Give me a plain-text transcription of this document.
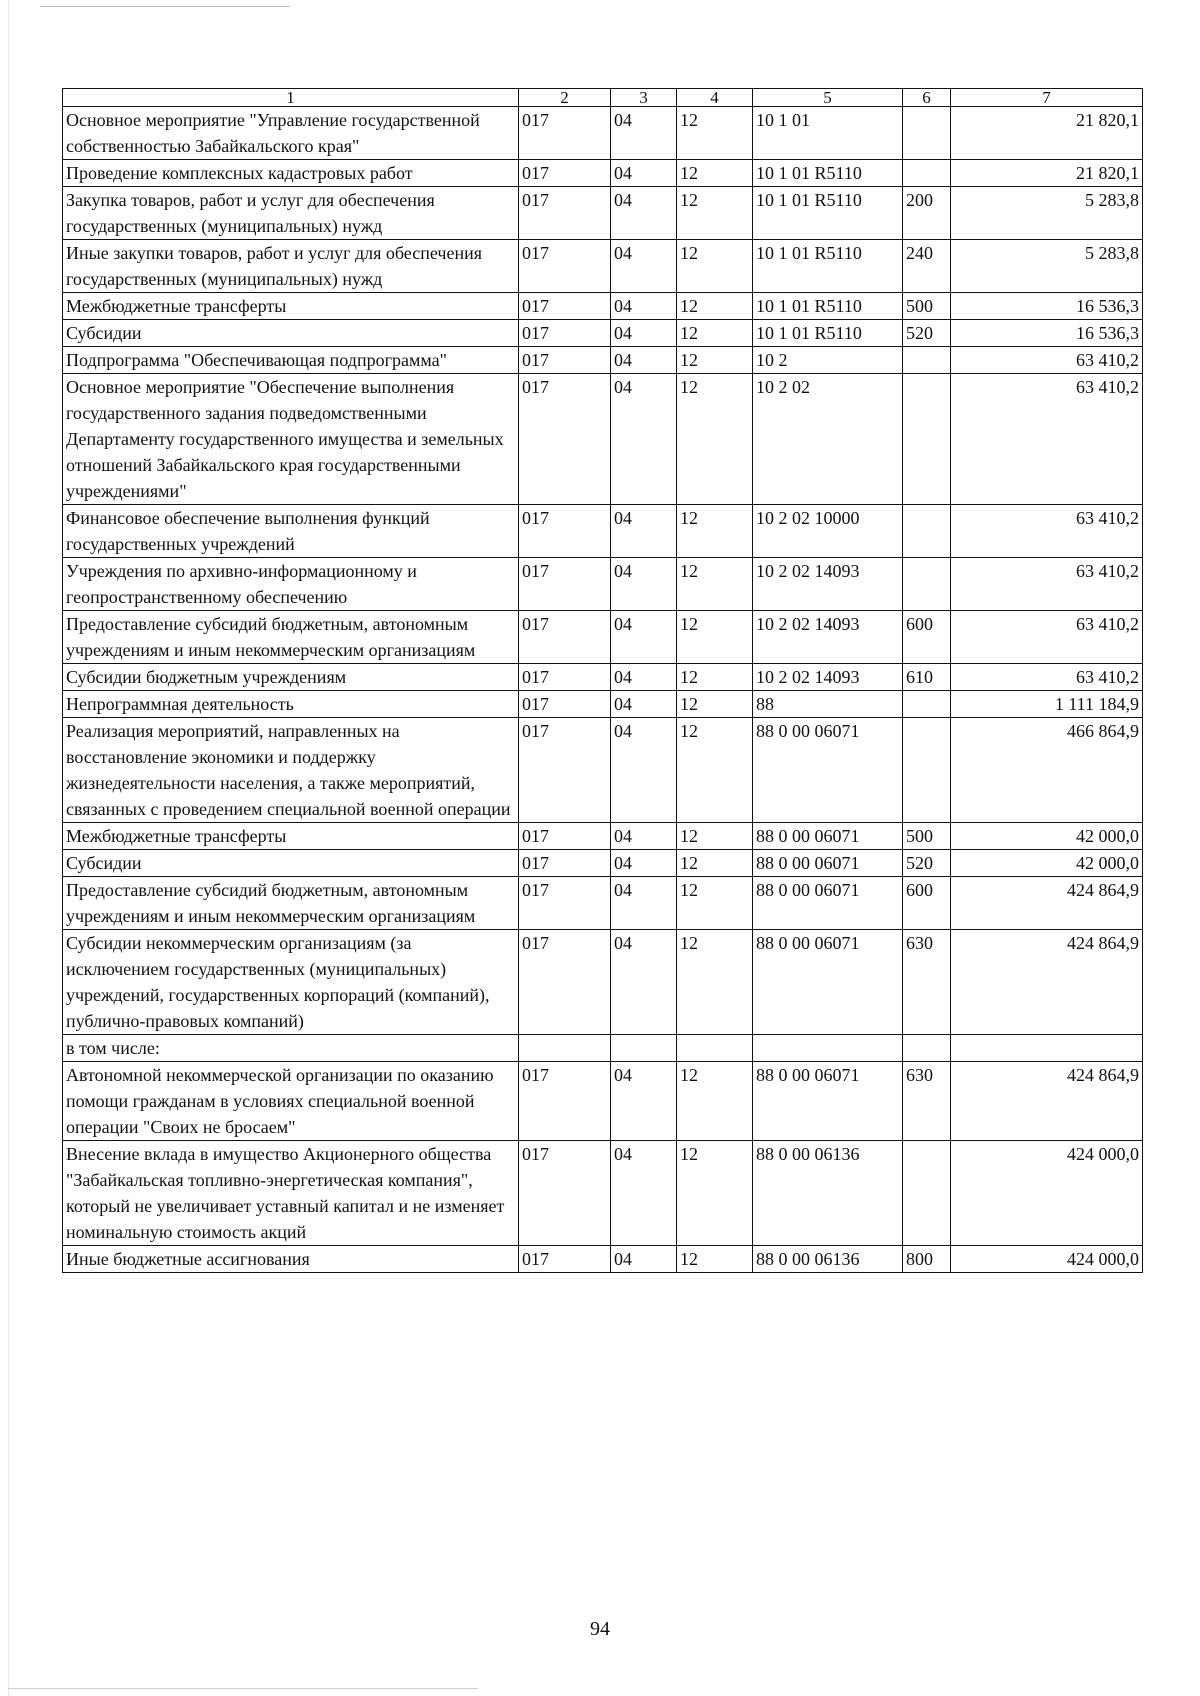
1	2	3	4	5	6	7
Основное мероприятие "Управление государственной собственностью Забайкальского края"	017	04	12	10 1 01		21 820,1
Проведение комплексных кадастровых работ	017	04	12	10 1 01 R5110		21 820,1
Закупка товаров, работ и услуг для обеспечения государственных (муниципальных) нужд	017	04	12	10 1 01 R5110	200	5 283,8
Иные закупки товаров, работ и услуг для обеспечения государственных (муниципальных) нужд	017	04	12	10 1 01 R5110	240	5 283,8
Межбюджетные трансферты	017	04	12	10 1 01 R5110	500	16 536,3
Субсидии	017	04	12	10 1 01 R5110	520	16 536,3
Подпрограмма "Обеспечивающая подпрограмма"	017	04	12	10 2		63 410,2
Основное мероприятие "Обеспечение выполнения государственного задания подведомственными Департаменту государственного имущества и земельных отношений Забайкальского края государственными учреждениями"	017	04	12	10 2 02		63 410,2
Финансовое обеспечение выполнения функций государственных учреждений	017	04	12	10 2 02 10000		63 410,2
Учреждения по архивно-информационному и геопространственному обеспечению	017	04	12	10 2 02 14093		63 410,2
Предоставление субсидий бюджетным, автономным учреждениям и иным некоммерческим организациям	017	04	12	10 2 02 14093	600	63 410,2
Субсидии бюджетным учреждениям	017	04	12	10 2 02 14093	610	63 410,2
Непрограммная деятельность	017	04	12	88		1 111 184,9
Реализация мероприятий, направленных на восстановление экономики и поддержку жизнедеятельности населения, а также мероприятий, связанных с проведением специальной военной операции	017	04	12	88 0 00 06071		466 864,9
Межбюджетные трансферты	017	04	12	88 0 00 06071	500	42 000,0
Субсидии	017	04	12	88 0 00 06071	520	42 000,0
Предоставление субсидий бюджетным, автономным учреждениям и иным некоммерческим организациям	017	04	12	88 0 00 06071	600	424 864,9
Субсидии некоммерческим организациям (за исключением государственных (муниципальных) учреждений, государственных корпораций (компаний), публично-правовых компаний)	017	04	12	88 0 00 06071	630	424 864,9
в том числе:						
Автономной некоммерческой организации по оказанию помощи гражданам в условиях специальной военной операции "Своих не бросаем"	017	04	12	88 0 00 06071	630	424 864,9
Внесение вклада в имущество Акционерного общества "Забайкальская топливно-энергетическая компания", который не увеличивает уставный капитал и не изменяет номинальную стоимость акций	017	04	12	88 0 00 06136		424 000,0
Иные бюджетные ассигнования	017	04	12	88 0 00 06136	800	424 000,0
94
